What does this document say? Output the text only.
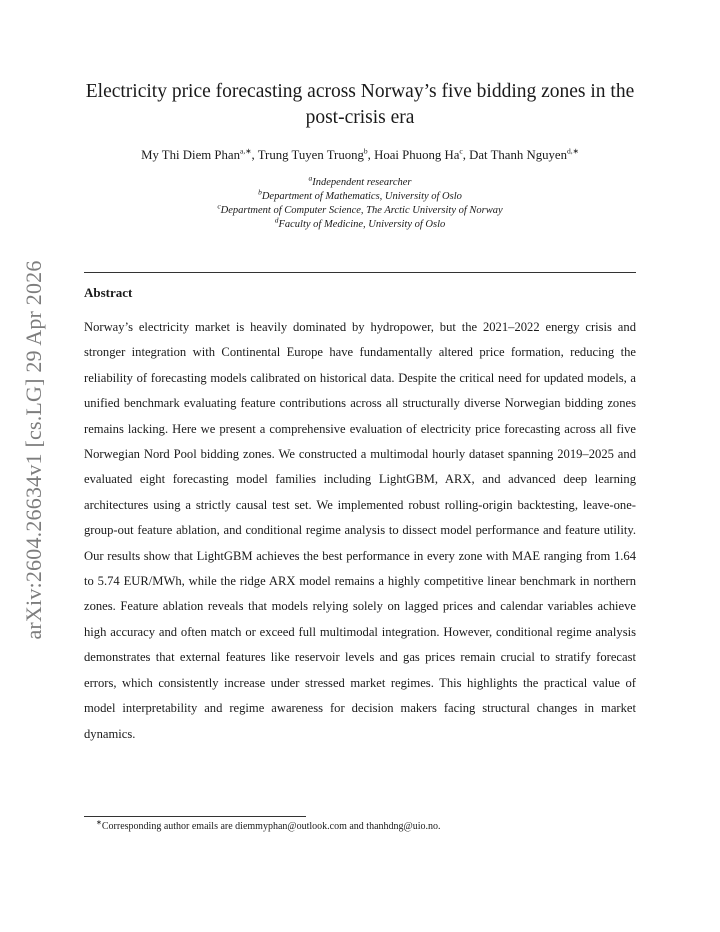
arXiv:2604.26634v1 [cs.LG] 29 Apr 2026
Electricity price forecasting across Norway’s five bidding zones in the post-crisis era
My Thi Diem Phan$^{a,∗}$, Trung Tuyen Truong$^b$, Hoai Phuong Ha$^c$, Dat Thanh Nguyen$^{d,∗}$
$^a$Independent researcher
$^b$Department of Mathematics, University of Oslo
$^c$Department of Computer Science, The Arctic University of Norway
$^d$Faculty of Medicine, University of Oslo
Abstract

Norway’s electricity market is heavily dominated by hydropower, but the 2021–2022 energy crisis and stronger integration with Continental Europe have fundamentally altered price formation, reducing the reliability of forecasting models calibrated on historical data. Despite the critical need for updated models, a unified benchmark evaluating feature contributions across all structurally diverse Norwegian bidding zones remains lacking. Here we present a comprehensive evaluation of electricity price forecasting across all five Norwegian Nord Pool bidding zones. We constructed a multimodal hourly dataset spanning 2019–2025 and evaluated eight forecasting model families including LightGBM, ARX, and advanced deep learning architectures using a strictly causal test set. We implemented robust rolling-origin backtesting, leave-one-group-out feature ablation, and conditional regime analysis to dissect model performance and feature utility. Our results show that LightGBM achieves the best performance in every zone with MAE ranging from 1.64 to 5.74 EUR/MWh, while the ridge ARX model remains a highly competitive linear benchmark in northern zones. Feature ablation reveals that models relying solely on lagged prices and calendar variables achieve high accuracy and often match or exceed full multimodal integration. However, conditional regime analysis demonstrates that external features like reservoir levels and gas prices remain crucial to stratify forecast errors, which consistently increase under stressed market regimes. This highlights the practical value of model interpretability and regime awareness for decision makers facing structural changes in market dynamics.

∗Corresponding author emails are diemmyphan@outlook.com and thanhdng@uio.no.
